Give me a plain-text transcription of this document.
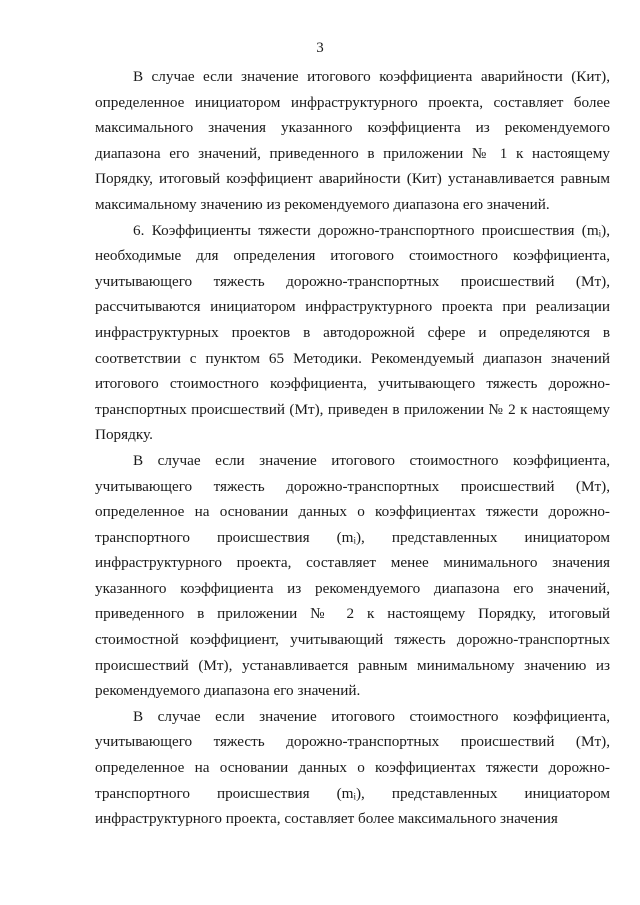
3

В случае если значение итогового коэффициента аварийности (Кит), определенное инициатором инфраструктурного проекта, составляет более максимального значения указанного коэффициента из рекомендуемого диапазона его значений, приведенного в приложении № 1 к настоящему Порядку, итоговый коэффициент аварийности (Кит) устанавливается равным максимальному значению из рекомендуемого диапазона его значений.

6. Коэффициенты тяжести дорожно-транспортного происшествия (mᵢ), необходимые для определения итогового стоимостного коэффициента, учитывающего тяжесть дорожно-транспортных происшествий (Mᴛ), рассчитываются инициатором инфраструктурного проекта при реализации инфраструктурных проектов в автодорожной сфере и определяются в соответствии с пунктом 65 Методики. Рекомендуемый диапазон значений итогового стоимостного коэффициента, учитывающего тяжесть дорожно-транспортных происшествий (Mᴛ), приведен в приложении № 2 к настоящему Порядку.

В случае если значение итогового стоимостного коэффициента, учитывающего тяжесть дорожно-транспортных происшествий (Mᴛ), определенное на основании данных о коэффициентах тяжести дорожно-транспортного происшествия (mᵢ), представленных инициатором инфраструктурного проекта, составляет менее минимального значения указанного коэффициента из рекомендуемого диапазона его значений, приведенного в приложении № 2 к настоящему Порядку, итоговый стоимостной коэффициент, учитывающий тяжесть дорожно-транспортных происшествий (Mᴛ), устанавливается равным минимальному значению из рекомендуемого диапазона его значений.

В случае если значение итогового стоимостного коэффициента, учитывающего тяжесть дорожно-транспортных происшествий (Mᴛ), определенное на основании данных о коэффициентах тяжести дорожно-транспортного происшествия (mᵢ), представленных инициатором инфраструктурного проекта, составляет более максимального значения
